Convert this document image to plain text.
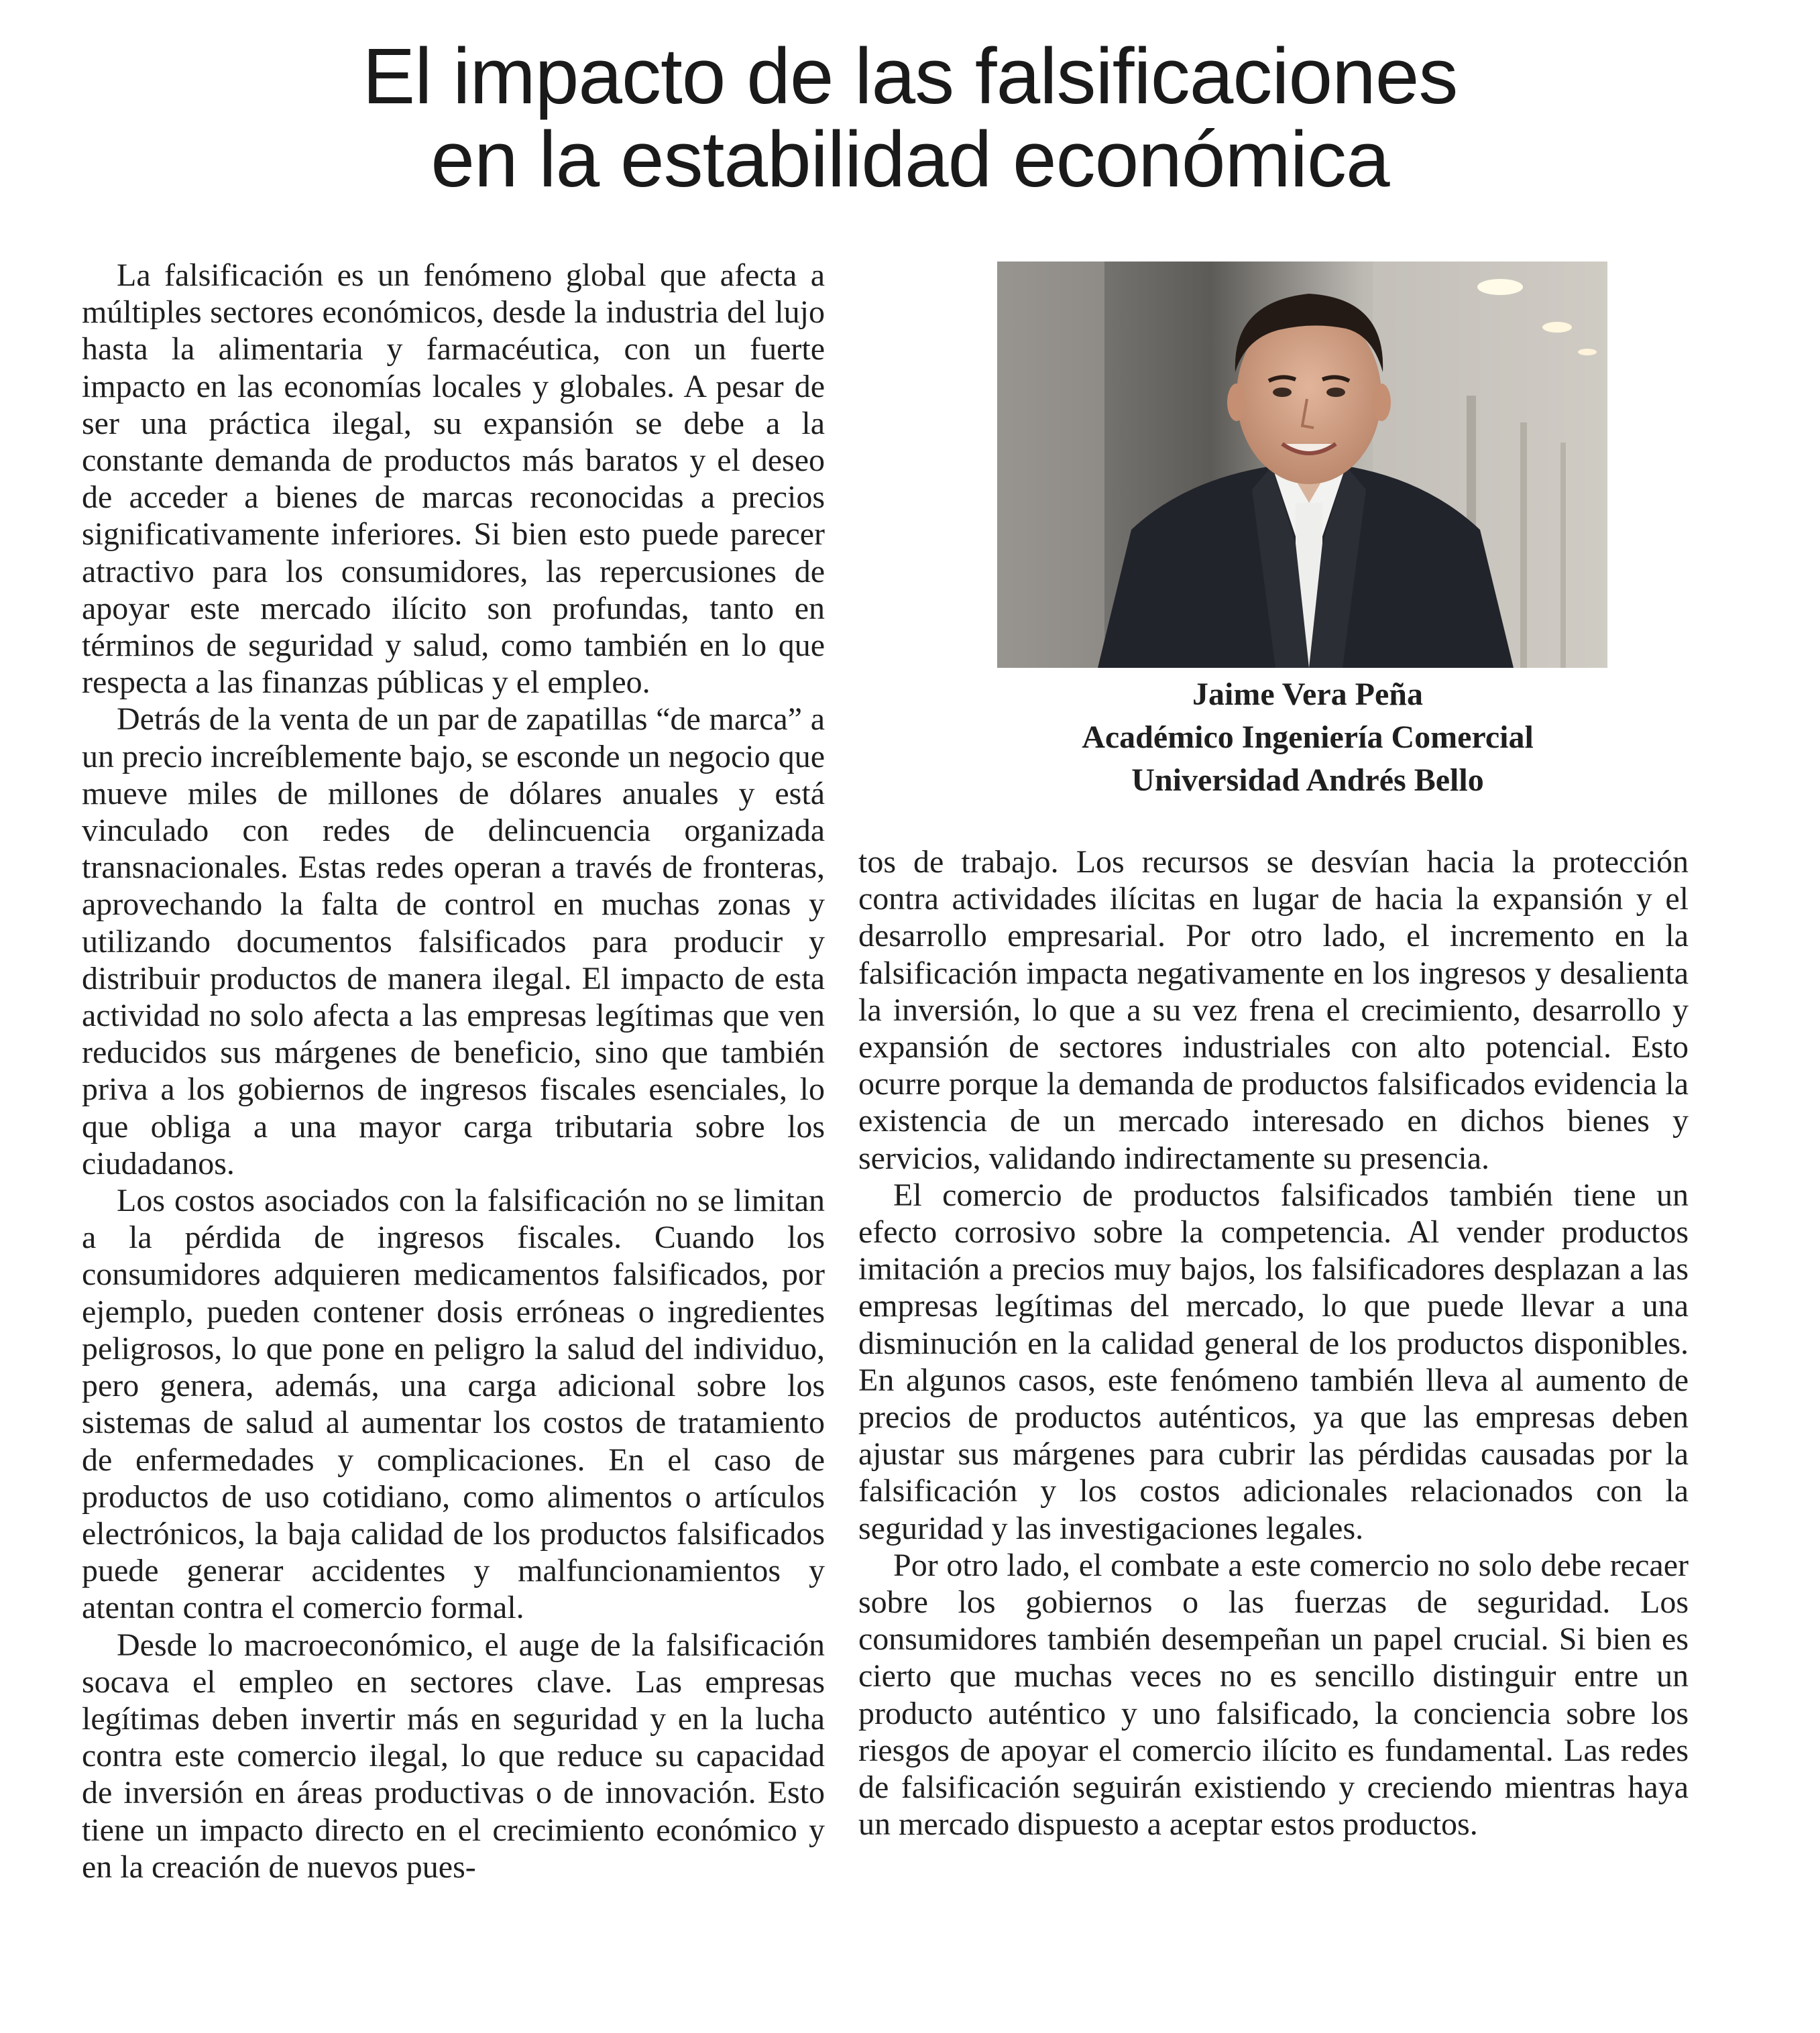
El impacto de las falsificaciones
en la estabilidad económica

La falsificación es un fenómeno global que afecta a múltiples sectores económicos, desde la industria del lujo hasta la alimentaria y farmacéutica, con un fuerte impacto en las economías locales y globales. A pesar de ser una práctica ilegal, su expansión se debe a la constante demanda de productos más baratos y el deseo de acceder a bienes de marcas reconocidas a precios significativamente inferiores. Si bien esto puede parecer atractivo para los consumidores, las repercusiones de apoyar este mercado ilícito son profundas, tanto en términos de seguridad y salud, como también en lo que respecta a las finanzas públicas y el empleo.

Detrás de la venta de un par de zapatillas “de marca” a un precio increíblemente bajo, se esconde un negocio que mueve miles de millones de dólares anuales y está vinculado con redes de delincuencia organizada transnacionales. Estas redes operan a través de fronteras, aprovechando la falta de control en muchas zonas y utilizando documentos falsificados para producir y distribuir productos de manera ilegal. El impacto de esta actividad no solo afecta a las empresas legítimas que ven reducidos sus márgenes de beneficio, sino que también priva a los gobiernos de ingresos fiscales esenciales, lo que obliga a una mayor carga tributaria sobre los ciudadanos.

Los costos asociados con la falsificación no se limitan a la pérdida de ingresos fiscales. Cuando los consumidores adquieren medicamentos falsificados, por ejemplo, pueden contener dosis erróneas o ingredientes peligrosos, lo que pone en peligro la salud del individuo, pero genera, además, una carga adicional sobre los sistemas de salud al aumentar los costos de tratamiento de enfermedades y complicaciones. En el caso de productos de uso cotidiano, como alimentos o artículos electrónicos, la baja calidad de los productos falsificados puede generar accidentes y malfuncionamientos y atentan contra el comercio formal.

Desde lo macroeconómico, el auge de la falsificación socava el empleo en sectores clave. Las empresas legítimas deben invertir más en seguridad y en la lucha contra este comercio ilegal, lo que reduce su capacidad de inversión en áreas productivas o de innovación. Esto tiene un impacto directo en el crecimiento económico y en la creación de nuevos pues-

Jaime Vera Peña
Académico Ingeniería Comercial
Universidad Andrés Bello

tos de trabajo. Los recursos se desvían hacia la protección contra actividades ilícitas en lugar de hacia la expansión y el desarrollo empresarial. Por otro lado, el incremento en la falsificación impacta negativamente en los ingresos y desalienta la inversión, lo que a su vez frena el crecimiento, desarrollo y expansión de sectores industriales con alto potencial. Esto ocurre porque la demanda de productos falsificados evidencia la existencia de un mercado interesado en dichos bienes y servicios, validando indirectamente su presencia.

El comercio de productos falsificados también tiene un efecto corrosivo sobre la competencia. Al vender productos imitación a precios muy bajos, los falsificadores desplazan a las empresas legítimas del mercado, lo que puede llevar a una disminución en la calidad general de los productos disponibles. En algunos casos, este fenómeno también lleva al aumento de precios de productos auténticos, ya que las empresas deben ajustar sus márgenes para cubrir las pérdidas causadas por la falsificación y los costos adicionales relacionados con la seguridad y las investigaciones legales.

Por otro lado, el combate a este comercio no solo debe recaer sobre los gobiernos o las fuerzas de seguridad. Los consumidores también desempeñan un papel crucial. Si bien es cierto que muchas veces no es sencillo distinguir entre un producto auténtico y uno falsificado, la conciencia sobre los riesgos de apoyar el comercio ilícito es fundamental. Las redes de falsificación seguirán existiendo y creciendo mientras haya un mercado dispuesto a aceptar estos productos.
